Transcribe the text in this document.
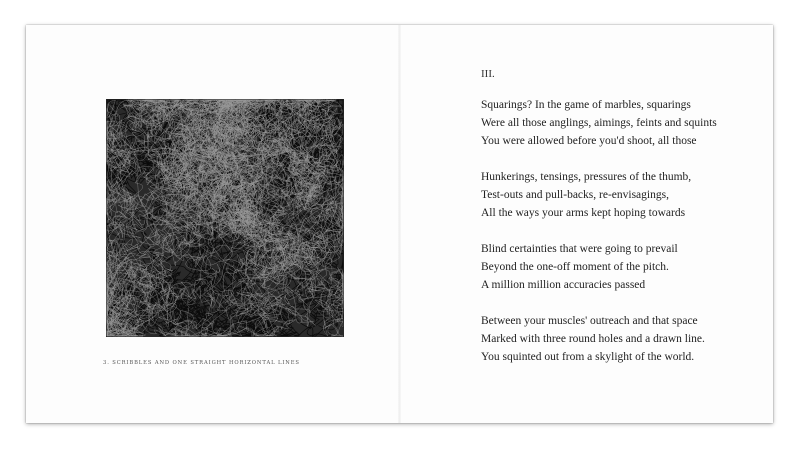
3. SCRIBBLES AND ONE STRAIGHT HORIZONTAL LINES
III.
Squarings? In the game of marbles, squarings
Were all those anglings, aimings, feints and squints
You were allowed before you'd shoot, all those
Hunkerings, tensings, pressures of the thumb,
Test-outs and pull-backs, re-envisagings,
All the ways your arms kept hoping towards
Blind certainties that were going to prevail
Beyond the one-off moment of the pitch.
A million million accuracies passed
Between your muscles' outreach and that space
Marked with three round holes and a drawn line.
You squinted out from a skylight of the world.
